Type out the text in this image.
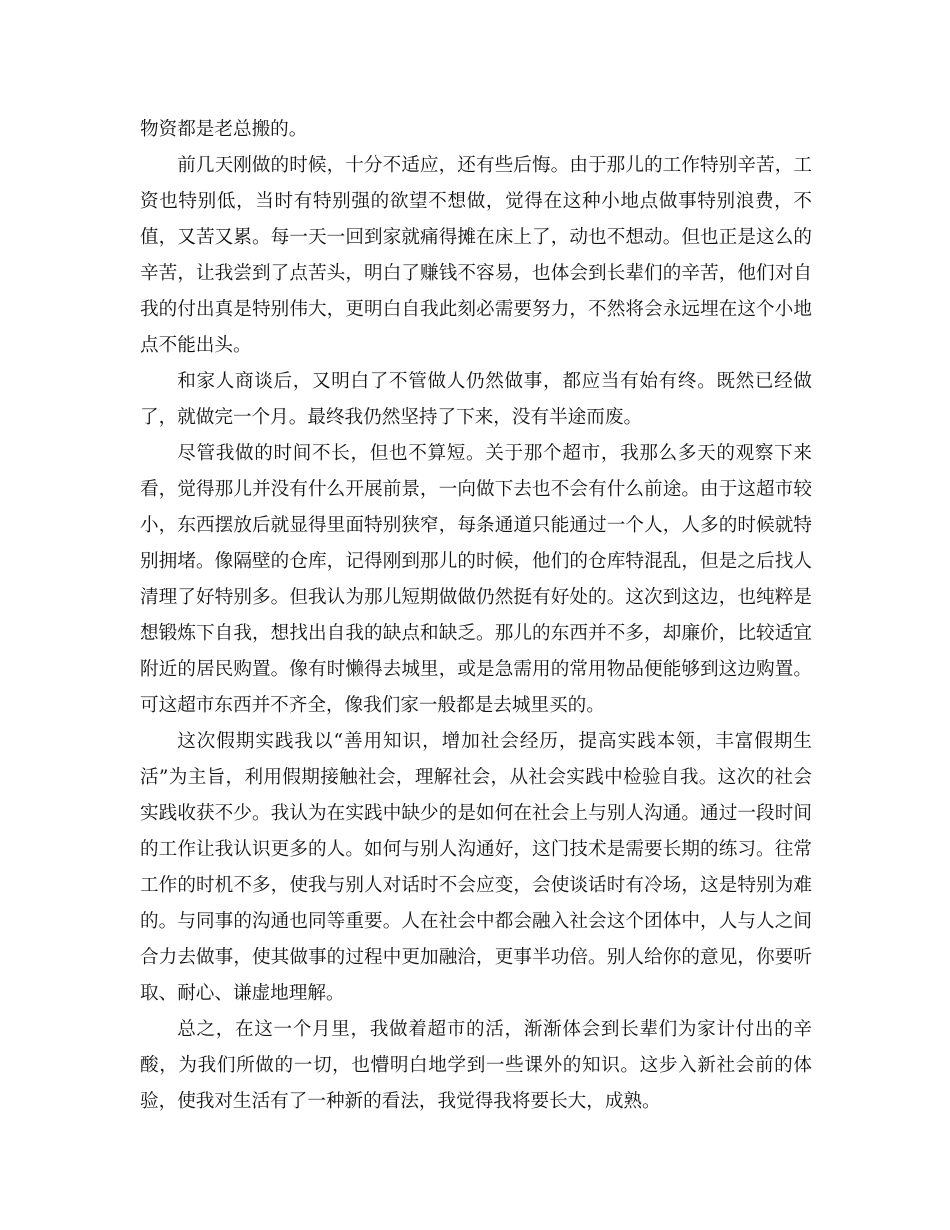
物资都是老总搬的。

前几天刚做的时候，十分不适应，还有些后悔。由于那儿的工作特别辛苦，工资也特别低，当时有特别强的欲望不想做，觉得在这种小地点做事特别浪费，不值，又苦又累。每一天一回到家就痛得摊在床上了，动也不想动。但也正是这么的辛苦，让我尝到了点苦头，明白了赚钱不容易，也体会到长辈们的辛苦，他们对自我的付出真是特别伟大，更明白自我此刻必需要努力，不然将会永远埋在这个小地点不能出头。

和家人商谈后，又明白了不管做人仍然做事，都应当有始有终。既然已经做了，就做完一个月。最终我仍然坚持了下来，没有半途而废。

尽管我做的时间不长，但也不算短。关于那个超市，我那么多天的观察下来看，觉得那儿并没有什么开展前景，一向做下去也不会有什么前途。由于这超市较小，东西摆放后就显得里面特别狭窄，每条通道只能通过一个人，人多的时候就特别拥堵。像隔壁的仓库，记得刚到那儿的时候，他们的仓库特混乱，但是之后找人清理了好特别多。但我认为那儿短期做做仍然挺有好处的。这次到这边，也纯粹是想锻炼下自我，想找出自我的缺点和缺乏。那儿的东西并不多，却廉价，比较适宜附近的居民购置。像有时懒得去城里，或是急需用的常用物品便能够到这边购置。可这超市东西并不齐全，像我们家一般都是去城里买的。

这次假期实践我以“善用知识，增加社会经历，提高实践本领，丰富假期生活”为主旨，利用假期接触社会，理解社会，从社会实践中检验自我。这次的社会实践收获不少。我认为在实践中缺少的是如何在社会上与别人沟通。通过一段时间的工作让我认识更多的人。如何与别人沟通好，这门技术是需要长期的练习。往常工作的时机不多，使我与别人对话时不会应变，会使谈话时有冷场，这是特别为难的。与同事的沟通也同等重要。人在社会中都会融入社会这个团体中，人与人之间合力去做事，使其做事的过程中更加融洽，更事半功倍。别人给你的意见，你要听取、耐心、谦虚地理解。

总之，在这一个月里，我做着超市的活，渐渐体会到长辈们为家计付出的辛酸，为我们所做的一切，也懵明白地学到一些课外的知识。这步入新社会前的体验，使我对生活有了一种新的看法，我觉得我将要长大，成熟。
